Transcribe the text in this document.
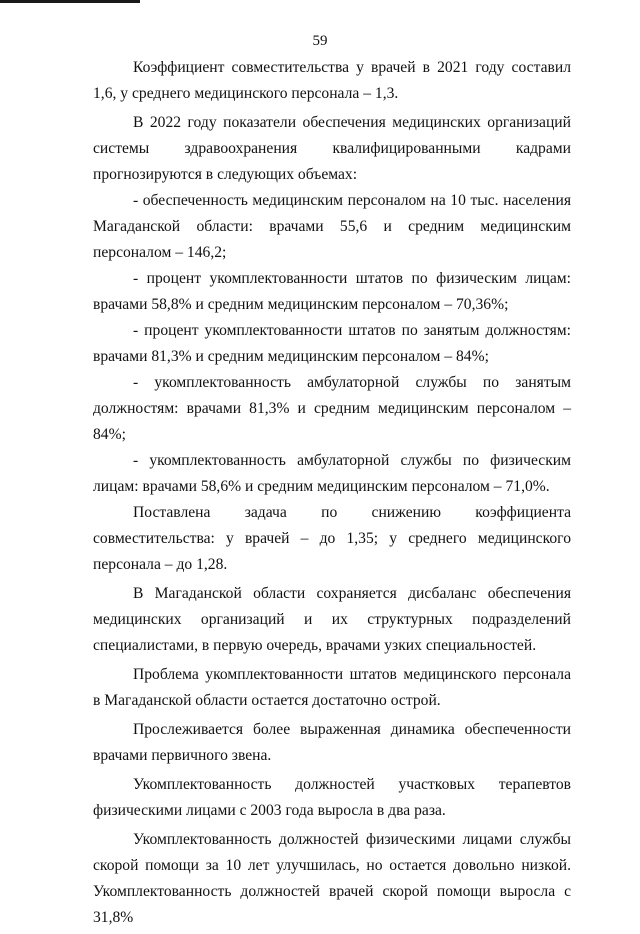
59

Коэффициент совместительства у врачей в 2021 году составил 1,6, у среднего медицинского персонала – 1,3.

В 2022 году показатели обеспечения медицинских организаций системы здравоохранения квалифицированными кадрами прогнозируются в следующих объемах:

- обеспеченность медицинским персоналом на 10 тыс. населения Магаданской области: врачами 55,6 и средним медицинским персоналом – 146,2;

- процент укомплектованности штатов по физическим лицам: врачами 58,8% и средним медицинским персоналом – 70,36%;

- процент укомплектованности штатов по занятым должностям: врачами 81,3% и средним медицинским персоналом – 84%;

- укомплектованность амбулаторной службы по занятым должностям: врачами 81,3% и средним медицинским персоналом – 84%;

- укомплектованность амбулаторной службы по физическим лицам: врачами 58,6% и средним медицинским персоналом – 71,0%.

Поставлена задача по снижению коэффициента совместительства: у врачей – до 1,35; у среднего медицинского персонала – до 1,28.

В Магаданской области сохраняется дисбаланс обеспечения медицинских организаций и их структурных подразделений специалистами, в первую очередь, врачами узких специальностей.

Проблема укомплектованности штатов медицинского персонала в Магаданской области остается достаточно острой.

Прослеживается более выраженная динамика обеспеченности врачами первичного звена.

Укомплектованность должностей участковых терапевтов физическими лицами с 2003 года выросла в два раза.

Укомплектованность должностей физическими лицами службы скорой помощи за 10 лет улучшилась, но остается довольно низкой. Укомплектованность должностей врачей скорой помощи выросла с 31,8%
